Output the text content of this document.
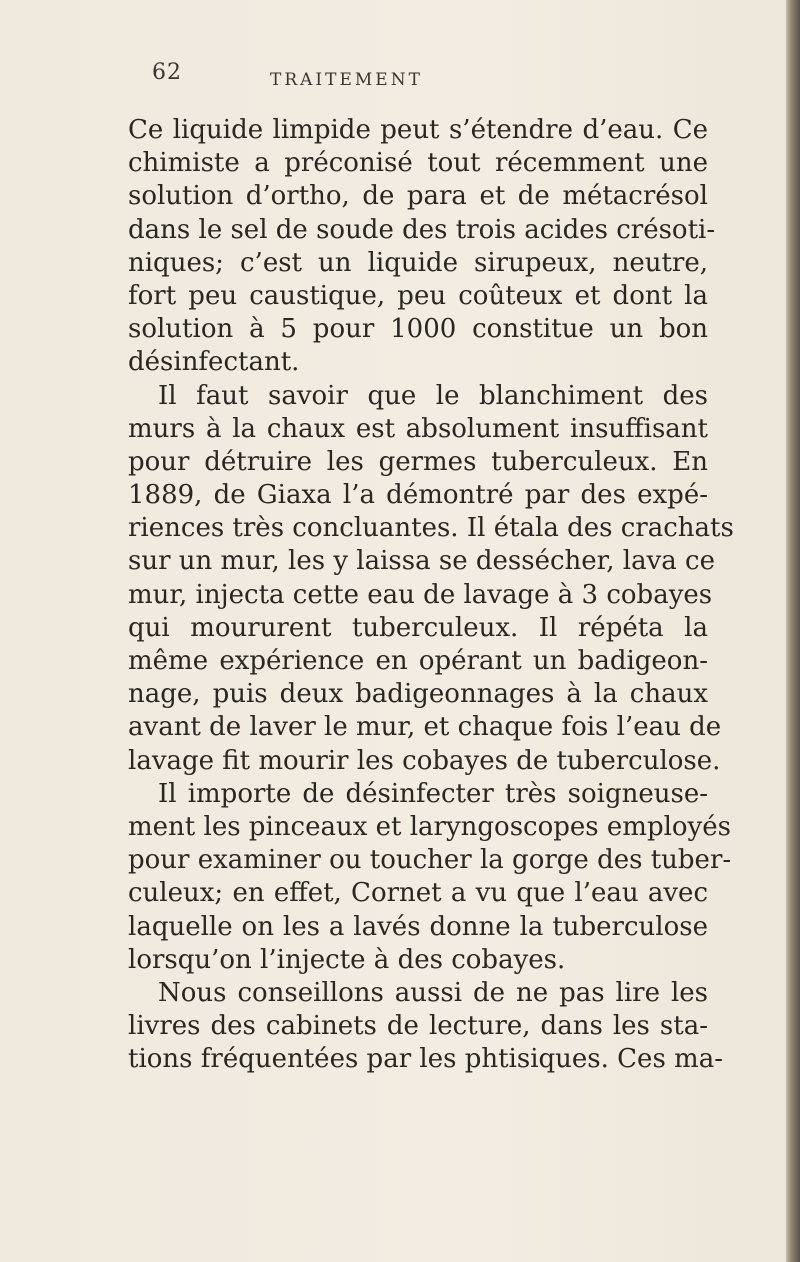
62	TRAITEMENT
Ce liquide limpide peut s’étendre d’eau. Ce
chimiste a préconisé tout récemment une
solution d’ortho, de para et de métacrésol
dans le sel de soude des trois acides crésoti-
niques; c’est un liquide sirupeux, neutre,
fort peu caustique, peu coûteux et dont la
solution à 5 pour 1000 constitue un bon
désinfectant.
Il faut savoir que le blanchiment des
murs à la chaux est absolument insuffisant
pour détruire les germes tuberculeux. En
1889, de Giaxa l’a démontré par des expé-
riences très concluantes. Il étala des crachats
sur un mur, les y laissa se dessécher, lava ce
mur, injecta cette eau de lavage à 3 cobayes
qui moururent tuberculeux. Il répéta la
même expérience en opérant un badigeon-
nage, puis deux badigeonnages à la chaux
avant de laver le mur, et chaque fois l’eau de
lavage fit mourir les cobayes de tuberculose.
Il importe de désinfecter très soigneuse-
ment les pinceaux et laryngoscopes employés
pour examiner ou toucher la gorge des tuber-
culeux; en effet, Cornet a vu que l’eau avec
laquelle on les a lavés donne la tuberculose
lorsqu’on l’injecte à des cobayes.
Nous conseillons aussi de ne pas lire les
livres des cabinets de lecture, dans les sta-
tions fréquentées par les phtisiques. Ces ma-
